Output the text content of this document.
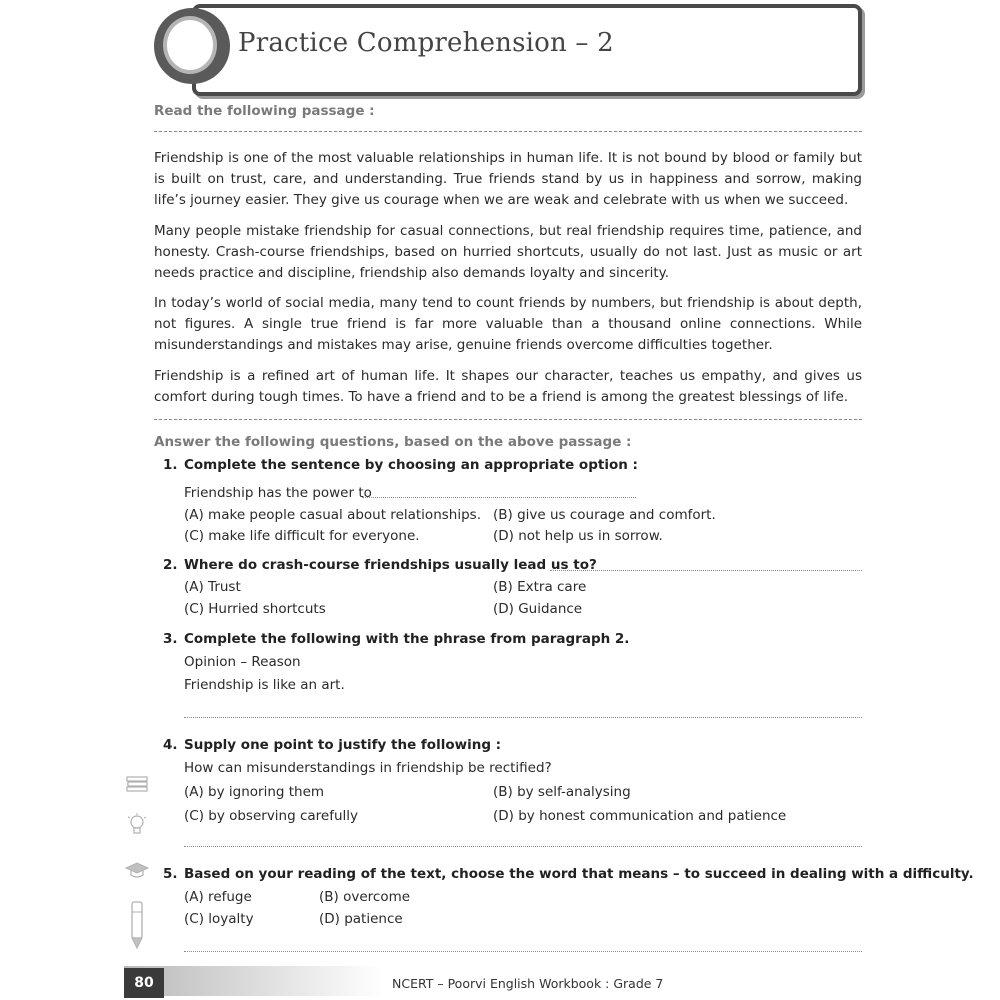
Practice Comprehension – 2
Read the following passage :

Friendship is one of the most valuable relationships in human life. It is not bound by blood or family but is built on trust, care, and understanding. True friends stand by us in happiness and sorrow, making life’s journey easier. They give us courage when we are weak and celebrate with us when we succeed.

Many people mistake friendship for casual connections, but real friendship requires time, patience, and honesty. Crash-course friendships, based on hurried shortcuts, usually do not last. Just as music or art needs practice and discipline, friendship also demands loyalty and sincerity.

In today’s world of social media, many tend to count friends by numbers, but friendship is about depth, not figures. A single true friend is far more valuable than a thousand online connections. While misunderstandings and mistakes may arise, genuine friends overcome difficulties together.

Friendship is a refined art of human life. It shapes our character, teaches us empathy, and gives us comfort during tough times. To have a friend and to be a friend is among the greatest blessings of life.

Answer the following questions, based on the above passage :
1. Complete the sentence by choosing an appropriate option :
Friendship has the power to
(A) make people casual about relationships. (B) give us courage and comfort.
(C) make life difficult for everyone.	(D) not help us in sorrow.
2. Where do crash-course friendships usually lead us to?
(A) Trust	(B) Extra care
(C) Hurried shortcuts	(D) Guidance
3. Complete the following with the phrase from paragraph 2.
Opinion – Reason
Friendship is like an art.
4. Supply one point to justify the following :
How can misunderstandings in friendship be rectified?
(A) by ignoring them	(B) by self-analysing
(C) by observing carefully	(D) by honest communication and patience
5. Based on your reading of the text, choose the word that means – to succeed in dealing with a difficulty.
(A) refuge	(B) overcome
(C) loyalty	(D) patience
80	NCERT – Poorvi English Workbook : Grade 7
